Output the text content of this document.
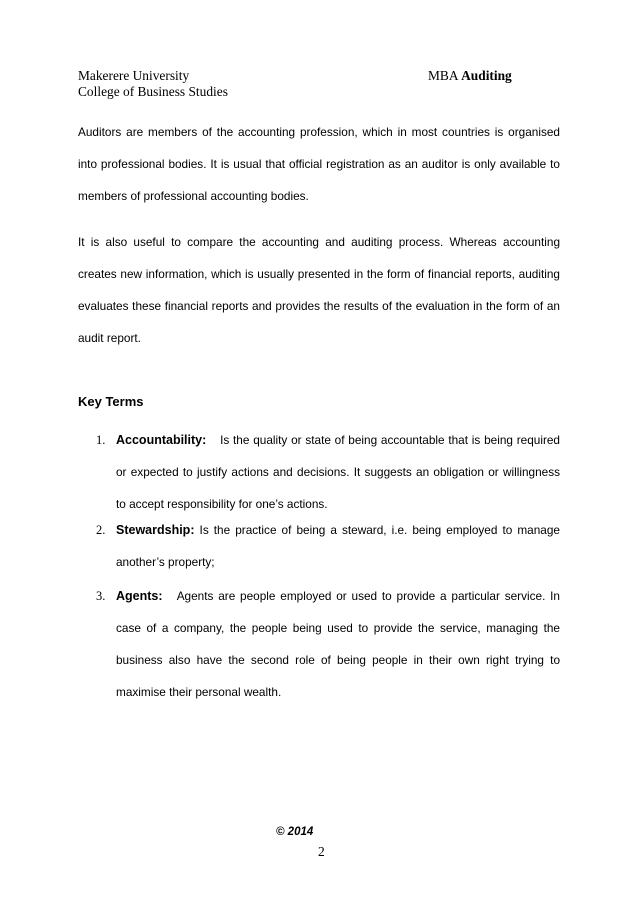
Makerere University
College of Business Studies
MBA Auditing
Auditors are members of the accounting profession, which in most countries is organised into professional bodies. It is usual that official registration as an auditor is only available to members of professional accounting bodies.
It is also useful to compare the accounting and auditing process. Whereas accounting creates new information, which is usually presented in the form of financial reports, auditing evaluates these financial reports and provides the results of the evaluation in the form of an audit report.
Key Terms
1. Accountability: Is the quality or state of being accountable that is being required or expected to justify actions and decisions. It suggests an obligation or willingness to accept responsibility for one’s actions.
2. Stewardship: Is the practice of being a steward, i.e. being employed to manage another’s property;
3. Agents: Agents are people employed or used to provide a particular service. In case of a company, the people being used to provide the service, managing the business also have the second role of being people in their own right trying to maximise their personal wealth.
© 2014
2
